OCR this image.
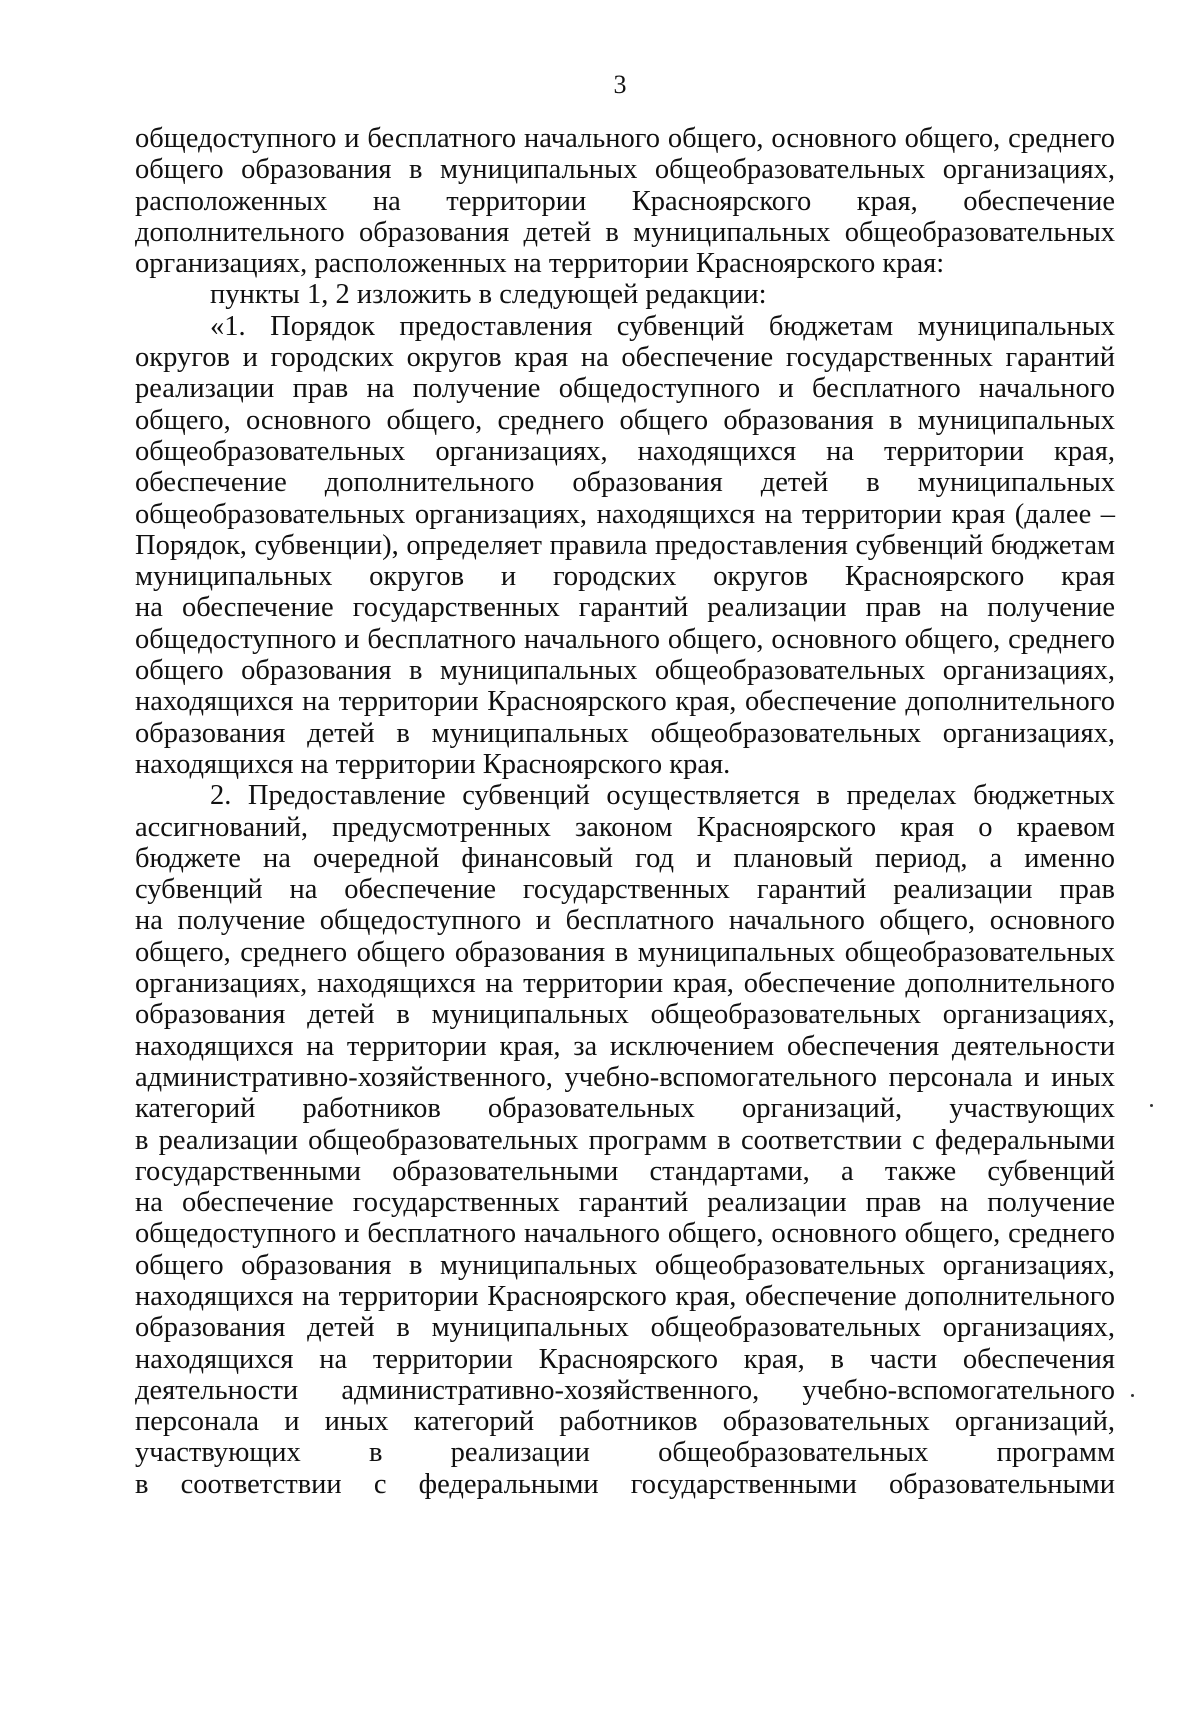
3
общедоступного и бесплатного начального общего, основного общего, среднего
общего образования в муниципальных общеобразовательных организациях,
расположенных на территории Красноярского края, обеспечение
дополнительного образования детей в муниципальных общеобразовательных
организациях, расположенных на территории Красноярского края:
пункты 1, 2 изложить в следующей редакции:
«1. Порядок предоставления субвенций бюджетам муниципальных
округов и городских округов края на обеспечение государственных гарантий
реализации прав на получение общедоступного и бесплатного начального
общего, основного общего, среднего общего образования в муниципальных
общеобразовательных организациях, находящихся на территории края,
обеспечение дополнительного образования детей в муниципальных
общеобразовательных организациях, находящихся на территории края (далее –
Порядок, субвенции), определяет правила предоставления субвенций бюджетам
муниципальных округов и городских округов Красноярского края
на обеспечение государственных гарантий реализации прав на получение
общедоступного и бесплатного начального общего, основного общего, среднего
общего образования в муниципальных общеобразовательных организациях,
находящихся на территории Красноярского края, обеспечение дополнительного
образования детей в муниципальных общеобразовательных организациях,
находящихся на территории Красноярского края.
2. Предоставление субвенций осуществляется в пределах бюджетных
ассигнований, предусмотренных законом Красноярского края о краевом
бюджете на очередной финансовый год и плановый период, а именно
субвенций на обеспечение государственных гарантий реализации прав
на получение общедоступного и бесплатного начального общего, основного
общего, среднего общего образования в муниципальных общеобразовательных
организациях, находящихся на территории края, обеспечение дополнительного
образования детей в муниципальных общеобразовательных организациях,
находящихся на территории края, за исключением обеспечения деятельности
административно-хозяйственного, учебно-вспомогательного персонала и иных
категорий работников образовательных организаций, участвующих
в реализации общеобразовательных программ в соответствии с федеральными
государственными образовательными стандартами, а также субвенций
на обеспечение государственных гарантий реализации прав на получение
общедоступного и бесплатного начального общего, основного общего, среднего
общего образования в муниципальных общеобразовательных организациях,
находящихся на территории Красноярского края, обеспечение дополнительного
образования детей в муниципальных общеобразовательных организациях,
находящихся на территории Красноярского края, в части обеспечения
деятельности административно-хозяйственного, учебно-вспомогательного
персонала и иных категорий работников образовательных организаций,
участвующих в реализации общеобразовательных программ
в соответствии с федеральными государственными образовательными
